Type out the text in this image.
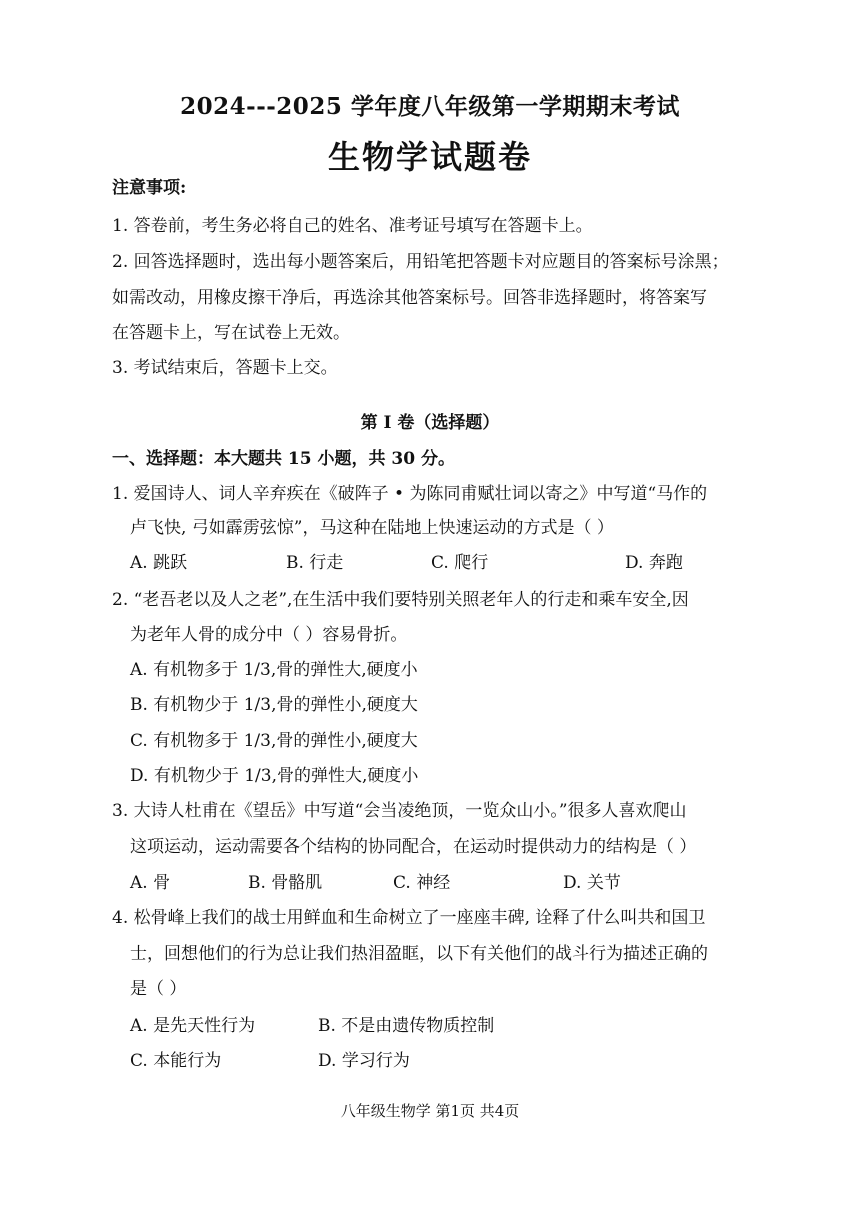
2024---2025 学年度八年级第一学期期末考试
生物学试题卷
注意事项:
1. 答卷前，考生务必将自己的姓名、准考证号填写在答题卡上。
2. 回答选择题时，选出每小题答案后，用铅笔把答题卡对应题目的答案标号涂黑；
如需改动，用橡皮擦干净后，再选涂其他答案标号。回答非选择题时，将答案写
在答题卡上，写在试卷上无效。
3. 考试结束后，答题卡上交。
第 I 卷（选择题）
一、选择题：本大题共 15 小题，共 30 分。
1. 爱国诗人、词人辛弃疾在《破阵子 • 为陈同甫赋壮词以寄之》中写道“马作的
卢飞快, 弓如霹雳弦惊”，马这种在陆地上快速运动的方式是（ ）
A. 跳跃	B. 行走	C. 爬行	D. 奔跑
2. “老吾老以及人之老”,在生活中我们要特别关照老年人的行走和乘车安全,因
为老年人骨的成分中（ ）容易骨折。
A. 有机物多于 1/3,骨的弹性大,硬度小
B. 有机物少于 1/3,骨的弹性小,硬度大
C. 有机物多于 1/3,骨的弹性小,硬度大
D. 有机物少于 1/3,骨的弹性大,硬度小
3. 大诗人杜甫在《望岳》中写道“会当凌绝顶，一览众山小。”很多人喜欢爬山
这项运动，运动需要各个结构的协同配合，在运动时提供动力的结构是（ ）
A. 骨	B. 骨骼肌	C. 神经	D. 关节
4. 松骨峰上我们的战士用鲜血和生命树立了一座座丰碑, 诠释了什么叫共和国卫
士，回想他们的行为总让我们热泪盈眶，以下有关他们的战斗行为描述正确的
是（ ）
A. 是先天性行为	B. 不是由遗传物质控制
C. 本能行为	D. 学习行为
八年级生物学 第1页 共4页
